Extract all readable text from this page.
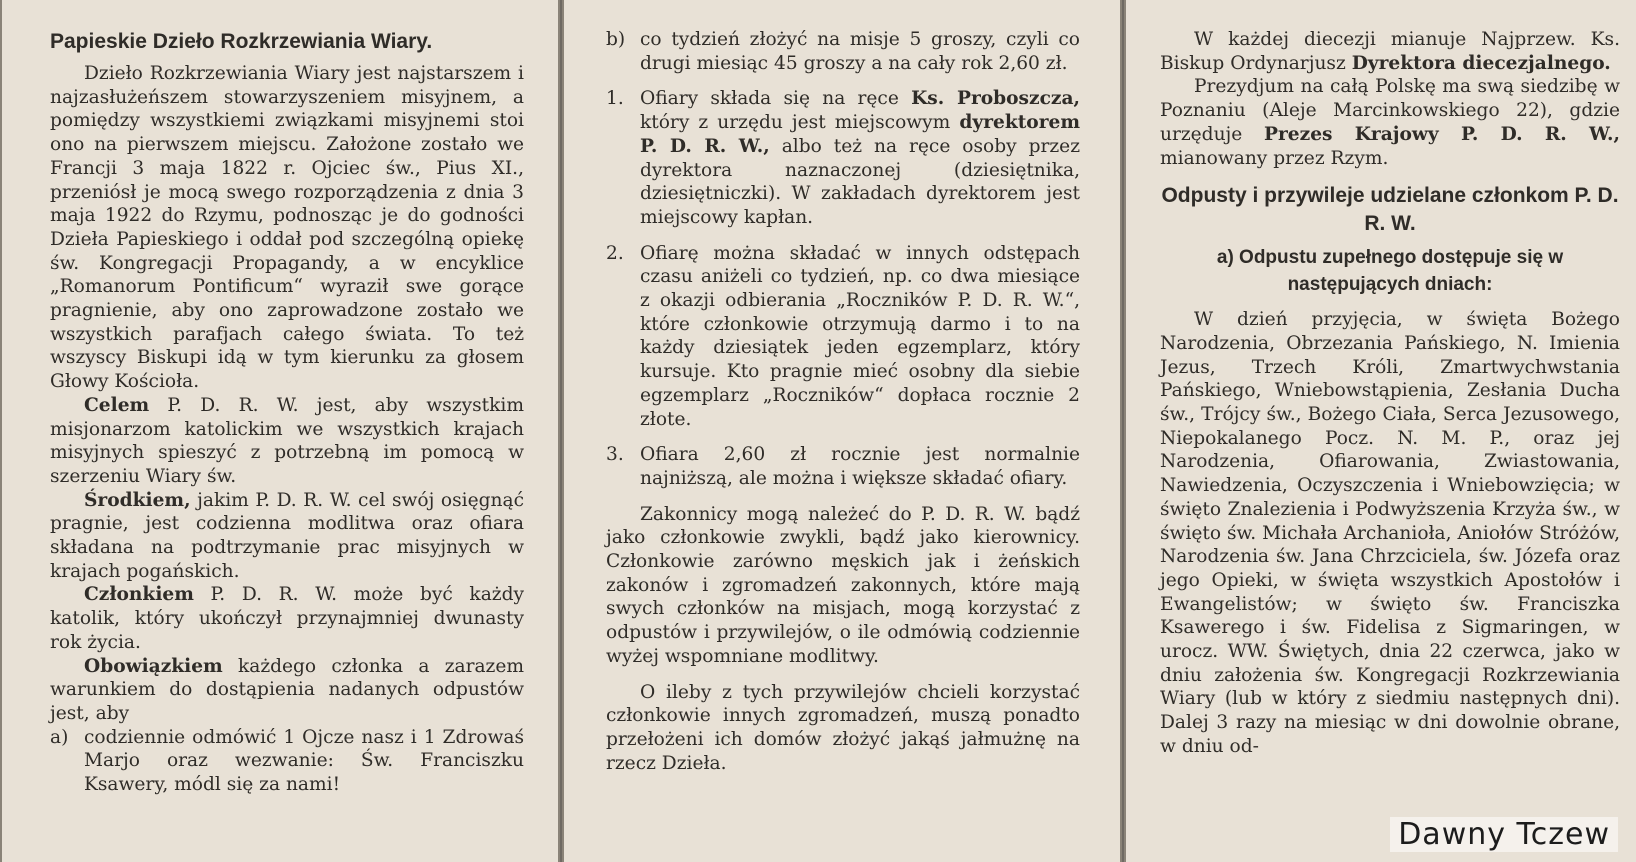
Papieskie Dzieło Rozkrzewiania Wiary.

Dzieło Rozkrzewiania Wiary jest najstarszem i najzasłużeńszem stowarzyszeniem misyjnem, a pomiędzy wszystkiemi związkami misyjnemi stoi ono na pierwszem miejscu. Założone zostało we Francji 3 maja 1822 r. Ojciec św., Pius XI., przeniósł je mocą swego rozporządzenia z dnia 3 maja 1922 do Rzymu, podnosząc je do godności Dzieła Papieskiego i oddał pod szczególną opiekę św. Kongregacji Propagandy, a w encyklice „Romanorum Pontificum“ wyraził swe gorące pragnienie, aby ono zaprowadzone zostało we wszystkich parafjach całego świata. To też wszyscy Biskupi idą w tym kierunku za głosem Głowy Kościoła.

Celem P. D. R. W. jest, aby wszystkim misjonarzom katolickim we wszystkich krajach misyjnych spieszyć z potrzebną im pomocą w szerzeniu Wiary św.

Środkiem, jakim P. D. R. W. cel swój osięgnąć pragnie, jest codzienna modlitwa oraz ofiara składana na podtrzymanie prac misyjnych w krajach pogańskich.

Członkiem P. D. R. W. może być każdy katolik, który ukończył przynajmniej dwunasty rok życia.

Obowiązkiem każdego członka a zarazem warunkiem do dostąpienia nadanych odpustów jest, aby

a) codziennie odmówić 1 Ojcze nasz i 1 Zdrowaś Marjo oraz wezwanie: Św. Franciszku Ksawery, módl się za nami!
b) co tydzień złożyć na misje 5 groszy, czyli co drugi miesiąc 45 groszy a na cały rok 2,60 zł.
1. Ofiary składa się na ręce Ks. Proboszcza, który z urzędu jest miejscowym dyrektorem P. D. R. W., albo też na ręce osoby przez dyrektora naznaczonej (dziesiętnika, dziesiętniczki). W zakładach dyrektorem jest miejscowy kapłan.
2. Ofiarę można składać w innych odstępach czasu aniżeli co tydzień, np. co dwa miesiące z okazji odbierania „Roczników P. D. R. W.“, które członkowie otrzymują darmo i to na każdy dziesiątek jeden egzemplarz, który kursuje. Kto pragnie mieć osobny dla siebie egzemplarz „Roczników“ dopłaca rocznie 2 złote.
3. Ofiara 2,60 zł rocznie jest normalnie najniższą, ale można i większe składać ofiary.

Zakonnicy mogą należeć do P. D. R. W. bądź jako członkowie zwykli, bądź jako kierownicy. Członkowie zarówno męskich jak i żeńskich zakonów i zgromadzeń zakonnych, które mają swych członków na misjach, mogą korzystać z odpustów i przywilejów, o ile odmówią codziennie wyżej wspomniane modlitwy.

O ileby z tych przywilejów chcieli korzystać członkowie innych zgromadzeń, muszą ponadto przełożeni ich domów złożyć jakąś jałmużnę na rzecz Dzieła.

W każdej diecezji mianuje Najprzew. Ks. Biskup Ordynarjusz Dyrektora diecezjalnego.

Prezydjum na całą Polskę ma swą siedzibę w Poznaniu (Aleje Marcinkowskiego 22), gdzie urzęduje Prezes Krajowy P. D. R. W., mianowany przez Rzym.

Odpusty i przywileje udzielane członkom P. D. R. W.
a) Odpustu zupełnego dostępuje się w następujących dniach:

W dzień przyjęcia, w święta Bożego Narodzenia, Obrzezania Pańskiego, N. Imienia Jezus, Trzech Króli, Zmartwychwstania Pańskiego, Wniebowstąpienia, Zesłania Ducha św., Trójcy św., Bożego Ciała, Serca Jezusowego, Niepokalanego Pocz. N. M. P., oraz jej Narodzenia, Ofiarowania, Zwiastowania, Nawiedzenia, Oczyszczenia i Wniebowzięcia; w święto Znalezienia i Podwyższenia Krzyża św., w święto św. Michała Archanioła, Aniołów Stróżów, Narodzenia św. Jana Chrzciciela, św. Józefa oraz jego Opieki, w święta wszystkich Apostołów i Ewangelistów; w święto św. Franciszka Ksawerego i św. Fidelisa z Sigmaringen, w urocz. WW. Świętych, dnia 22 czerwca, jako w dniu założenia św. Kongregacji Rozkrzewiania Wiary (lub w który z siedmiu następnych dni). Dalej 3 razy na miesiąc w dni dowolnie obrane, w dniu od-

Dawny Tczew
